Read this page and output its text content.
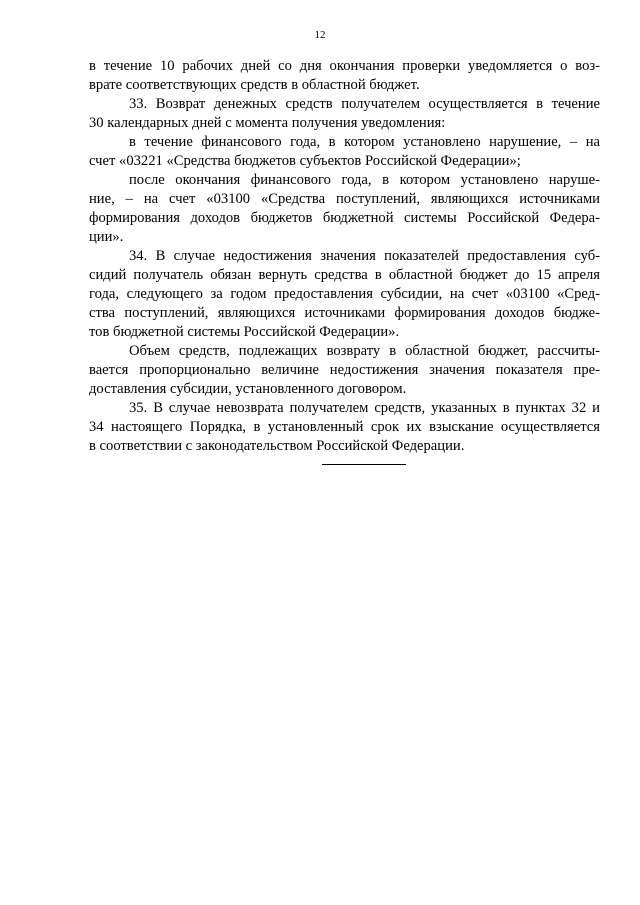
12
в течение 10 рабочих дней со дня окончания проверки уведомляется о воз-
врате соответствующих средств в областной бюджет.
33. Возврат денежных средств получателем осуществляется в течение
30 календарных дней с момента получения уведомления:
в течение финансового года, в котором установлено нарушение, – на
счет «03221 «Средства бюджетов субъектов Российской Федерации»;
после окончания финансового года, в котором установлено наруше-
ние, – на счет «03100 «Средства поступлений, являющихся источниками
формирования доходов бюджетов бюджетной системы Российской Федера-
ции».
34. В случае недостижения значения показателей предоставления суб-
сидий получатель обязан вернуть средства в областной бюджет до 15 апреля
года, следующего за годом предоставления субсидии, на счет «03100 «Сред-
ства поступлений, являющихся источниками формирования доходов бюдже-
тов бюджетной системы Российской Федерации».
Объем средств, подлежащих возврату в областной бюджет, рассчиты-
вается пропорционально величине недостижения значения показателя пре-
доставления субсидии, установленного договором.
35. В случае невозврата получателем средств, указанных в пунктах 32 и
34 настоящего Порядка, в установленный срок их взыскание осуществляется
в соответствии с законодательством Российской Федерации.
